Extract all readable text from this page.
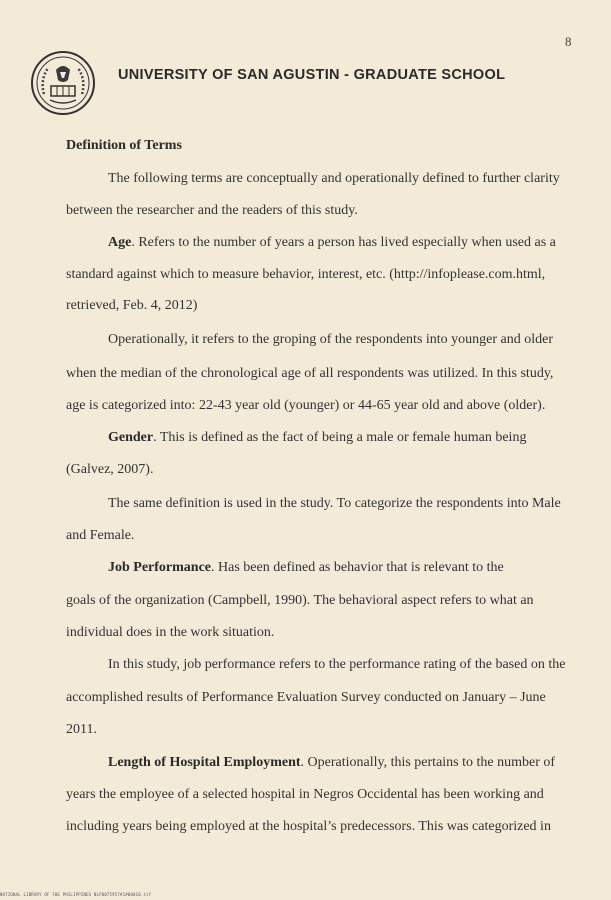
8
UNIVERSITY OF SAN AGUSTIN - GRADUATE SCHOOL
Definition of Terms
The following terms are conceptually and operationally defined to further clarity
between the researcher and the readers of this study.
Age. Refers to the number of years a person has lived especially when used as a
standard against which to measure behavior, interest, etc. (http://infoplease.com.html,
retrieved, Feb. 4, 2012)
Operationally, it refers to the groping of the respondents into younger and older
when the median of the chronological age of all respondents was utilized. In this study,
age is categorized into: 22-43 year old (younger) or 44-65 year old and above (older).
Gender. This is defined as the fact of being a male or female human being
(Galvez, 2007).
The same definition is used in the study. To categorize the respondents into Male
and Female.
Job Performance. Has been defined as behavior that is relevant to the
goals of the organization (Campbell, 1990). The behavioral aspect refers to what an
individual does in the work situation.
In this study, job performance refers to the performance rating of the based on the
accomplished results of Performance Evaluation Survey conducted on January – June
2011.
Length of Hospital Employment. Operationally, this pertains to the number of
years the employee of a selected hospital in Negros Occidental has been working and
including years being employed at the hospital’s predecessors. This was categorized in
NATIONAL LIBRARY OF THE PHILIPPINES NLP0075957#1#00010.tif
